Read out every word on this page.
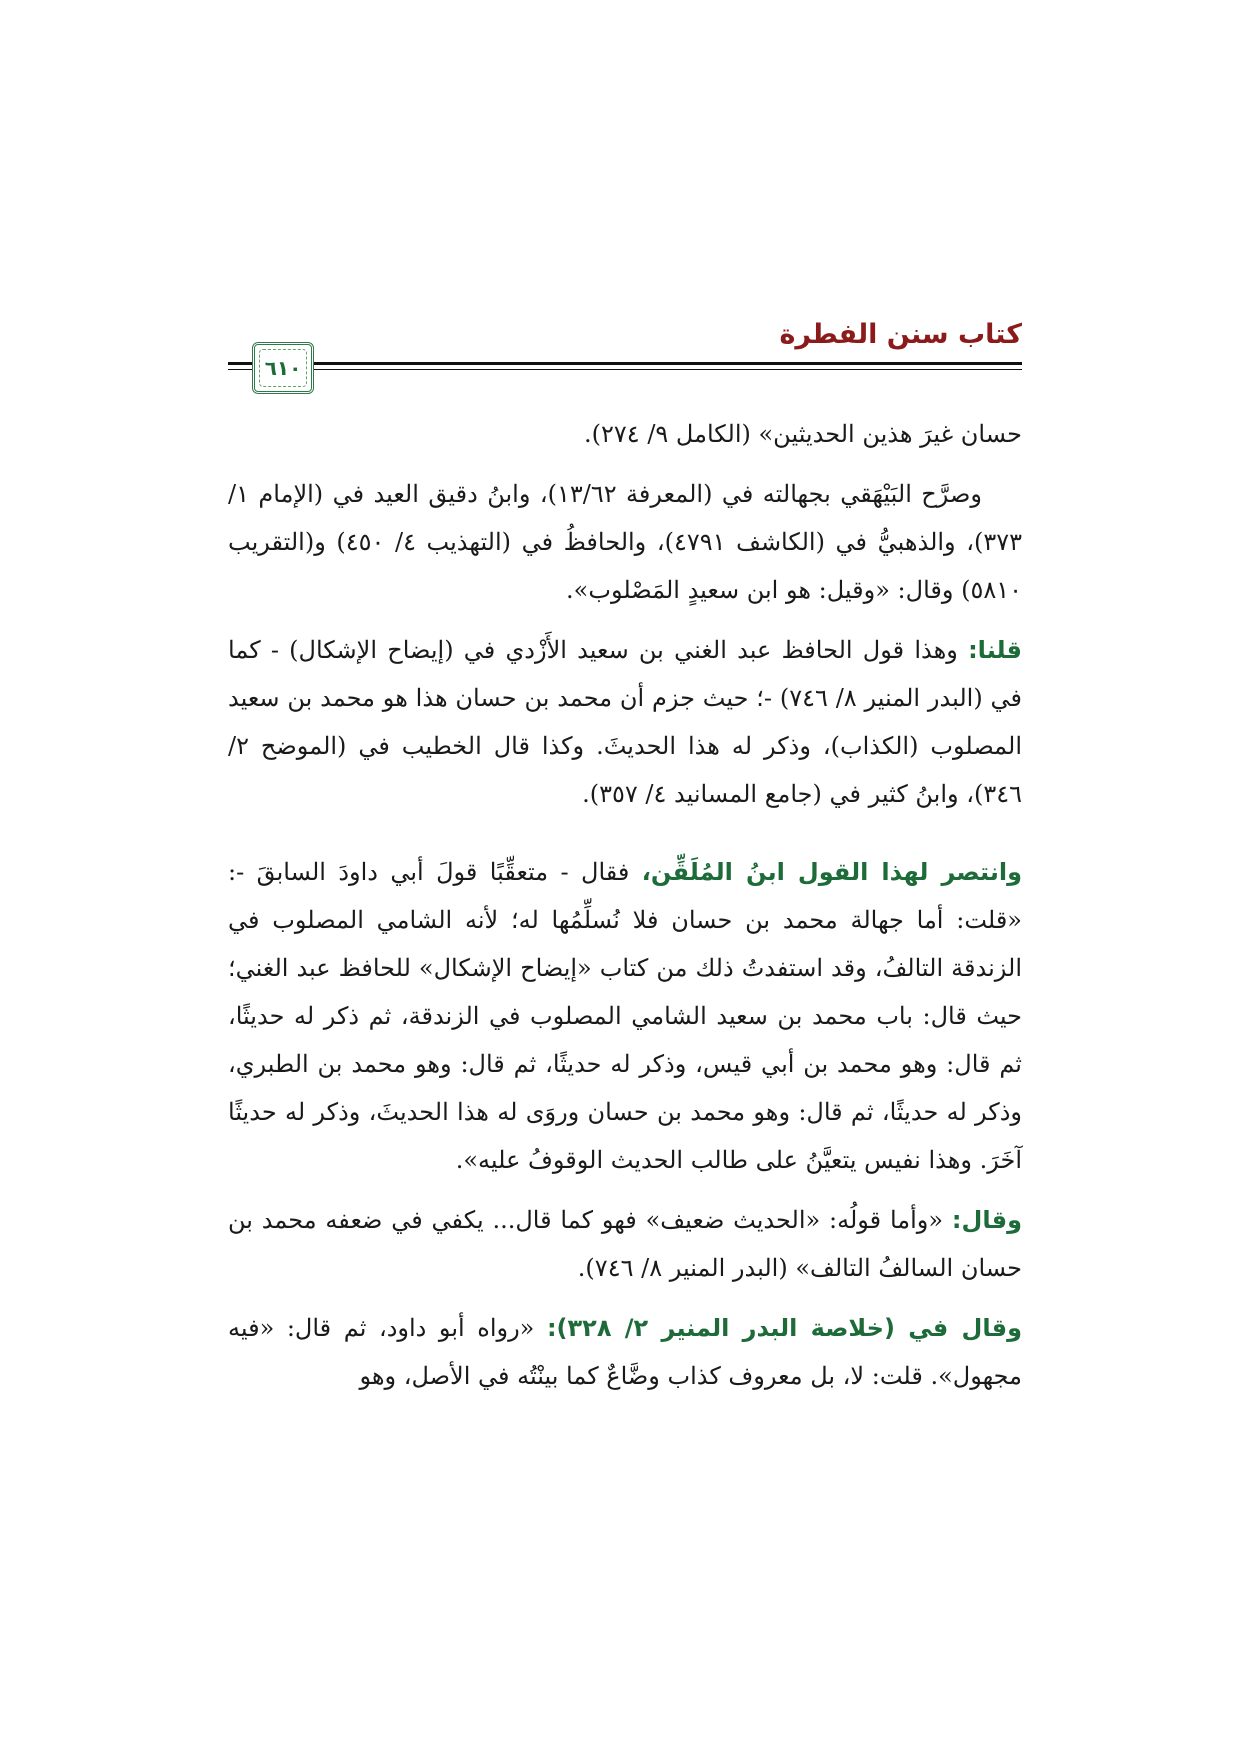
كتاب سنن الفطرة
٦١٠

حسان غيرَ هذين الحديثين» (الكامل ٩/ ٢٧٤).

وصرَّح البَيْهَقي بجهالته في (المعرفة ١٣/٦٢)، وابنُ دقيق العيد في (الإمام ١/ ٣٧٣)، والذهبيُّ في (الكاشف ٤٧٩١)، والحافظُ في (التهذيب ٤/ ٤٥٠) و(التقريب ٥٨١٠) وقال: «وقيل: هو ابن سعيدٍ المَصْلوب».

قلنا: وهذا قول الحافظ عبد الغني بن سعيد الأَزْدي في (إيضاح الإشكال) - كما في (البدر المنير ٨/ ٧٤٦) -؛ حيث جزم أن محمد بن حسان هذا هو محمد بن سعيد المصلوب (الكذاب)، وذكر له هذا الحديثَ. وكذا قال الخطيب في (الموضح ٢/ ٣٤٦)، وابنُ كثير في (جامع المسانيد ٤/ ٣٥٧).

وانتصر لهذا القول ابنُ المُلَقِّن، فقال - متعقِّبًا قولَ أبي داودَ السابقَ -: «قلت: أما جهالة محمد بن حسان فلا نُسلِّمُها له؛ لأنه الشامي المصلوب في الزندقة التالفُ، وقد استفدتُ ذلك من كتاب «إيضاح الإشكال» للحافظ عبد الغني؛ حيث قال: باب محمد بن سعيد الشامي المصلوب في الزندقة، ثم ذكر له حديثًا، ثم قال: وهو محمد بن أبي قيس، وذكر له حديثًا، ثم قال: وهو محمد بن الطبري، وذكر له حديثًا، ثم قال: وهو محمد بن حسان وروَى له هذا الحديثَ، وذكر له حديثًا آخَرَ. وهذا نفيس يتعيَّنُ على طالب الحديث الوقوفُ عليه».

وقال: «وأما قولُه: «الحديث ضعيف» فهو كما قال... يكفي في ضعفه محمد بن حسان السالفُ التالف» (البدر المنير ٨/ ٧٤٦).

وقال في (خلاصة البدر المنير ٢/ ٣٢٨): «رواه أبو داود، ثم قال: «فيه مجهول». قلت: لا، بل معروف كذاب وضَّاعٌ كما بينْتُه في الأصل، وهو
